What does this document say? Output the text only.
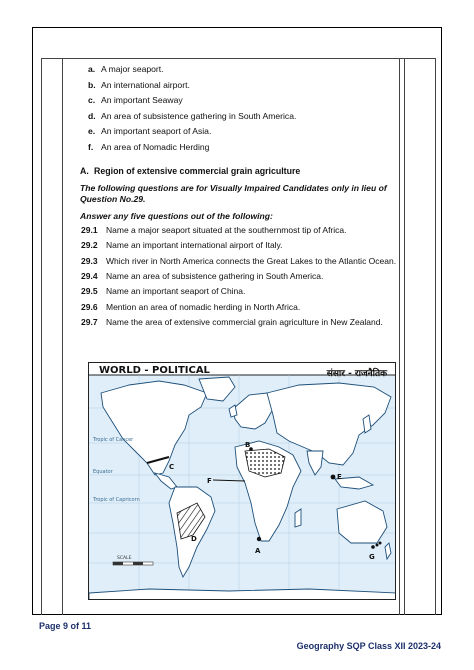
a. A major seaport.
b. An international airport.
c. An important Seaway
d. An area of subsistence gathering in South America.
e. An important seaport of Asia.
f. An area of Nomadic Herding
A. Region of extensive commercial grain agriculture
The following questions are for Visually Impaired Candidates only in lieu of Question No.29.
Answer any five questions out of the following:
29.1 Name a major seaport situated at the southernmost tip of Africa.
29.2 Name an important international airport of Italy.
29.3 Which river in North America connects the Great Lakes to the Atlantic Ocean.
29.4 Name an area of subsistence gathering in South America.
29.5 Name an important seaport of China.
29.6 Mention an area of nomadic herding in North Africa.
29.7 Name the area of extensive commercial grain agriculture in New Zealand.
Tropic of Cancer
Equator
Tropic of Capricorn
A
B
C
D
E
F
G
SCALE
WORLD - POLITICAL	संसार - राजनैतिक
Page 9 of 11
Geography SQP Class XII 2023-24
